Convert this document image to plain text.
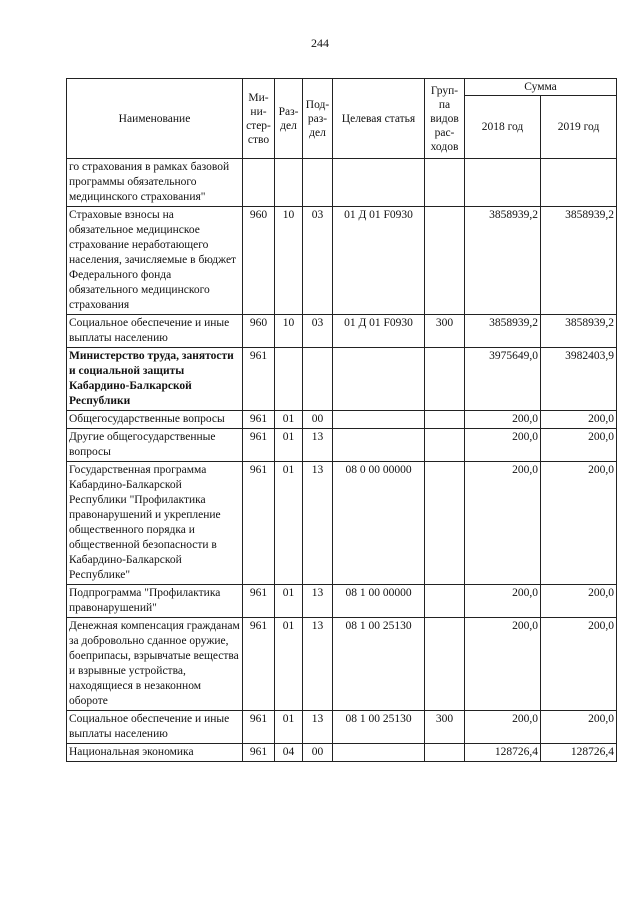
244
Наименование	Ми-ни-стер-ство	Раз-дел	Под-раз-дел	Целевая статья	Груп-па видов рас-ходов	Сумма	
						2018 год	2019 год
го страхования в рамках базовой программы обязательного медицинского страхования"							
Страховые взносы на обязательное медицинское страхование неработающего населения, зачисляемые в бюджет Федерального фонда обязательного медицинского страхования	960	10	03	01 Д 01 F0930		3858939,2	3858939,2
Социальное обеспечение и иные выплаты населению	960	10	03	01 Д 01 F0930	300	3858939,2	3858939,2
Министерство труда, занятости и социальной защиты Кабардино-Балкарской Республики	961					3975649,0	3982403,9
Общегосударственные вопросы	961	01	00			200,0	200,0
Другие общегосударственные вопросы	961	01	13			200,0	200,0
Государственная программа Кабардино-Балкарской Республики "Профилактика правонарушений и укрепление общественного порядка и общественной безопасности в Кабардино-Балкарской Республике"	961	01	13	08 0 00 00000		200,0	200,0
Подпрограмма "Профилактика правонарушений"	961	01	13	08 1 00 00000		200,0	200,0
Денежная компенсация гражданам за добровольно сданное оружие, боеприпасы, взрывчатые вещества и взрывные устройства, находящиеся в незаконном обороте	961	01	13	08 1 00 25130		200,0	200,0
Социальное обеспечение и иные выплаты населению	961	01	13	08 1 00 25130	300	200,0	200,0
Национальная экономика	961	04	00			128726,4	128726,4
